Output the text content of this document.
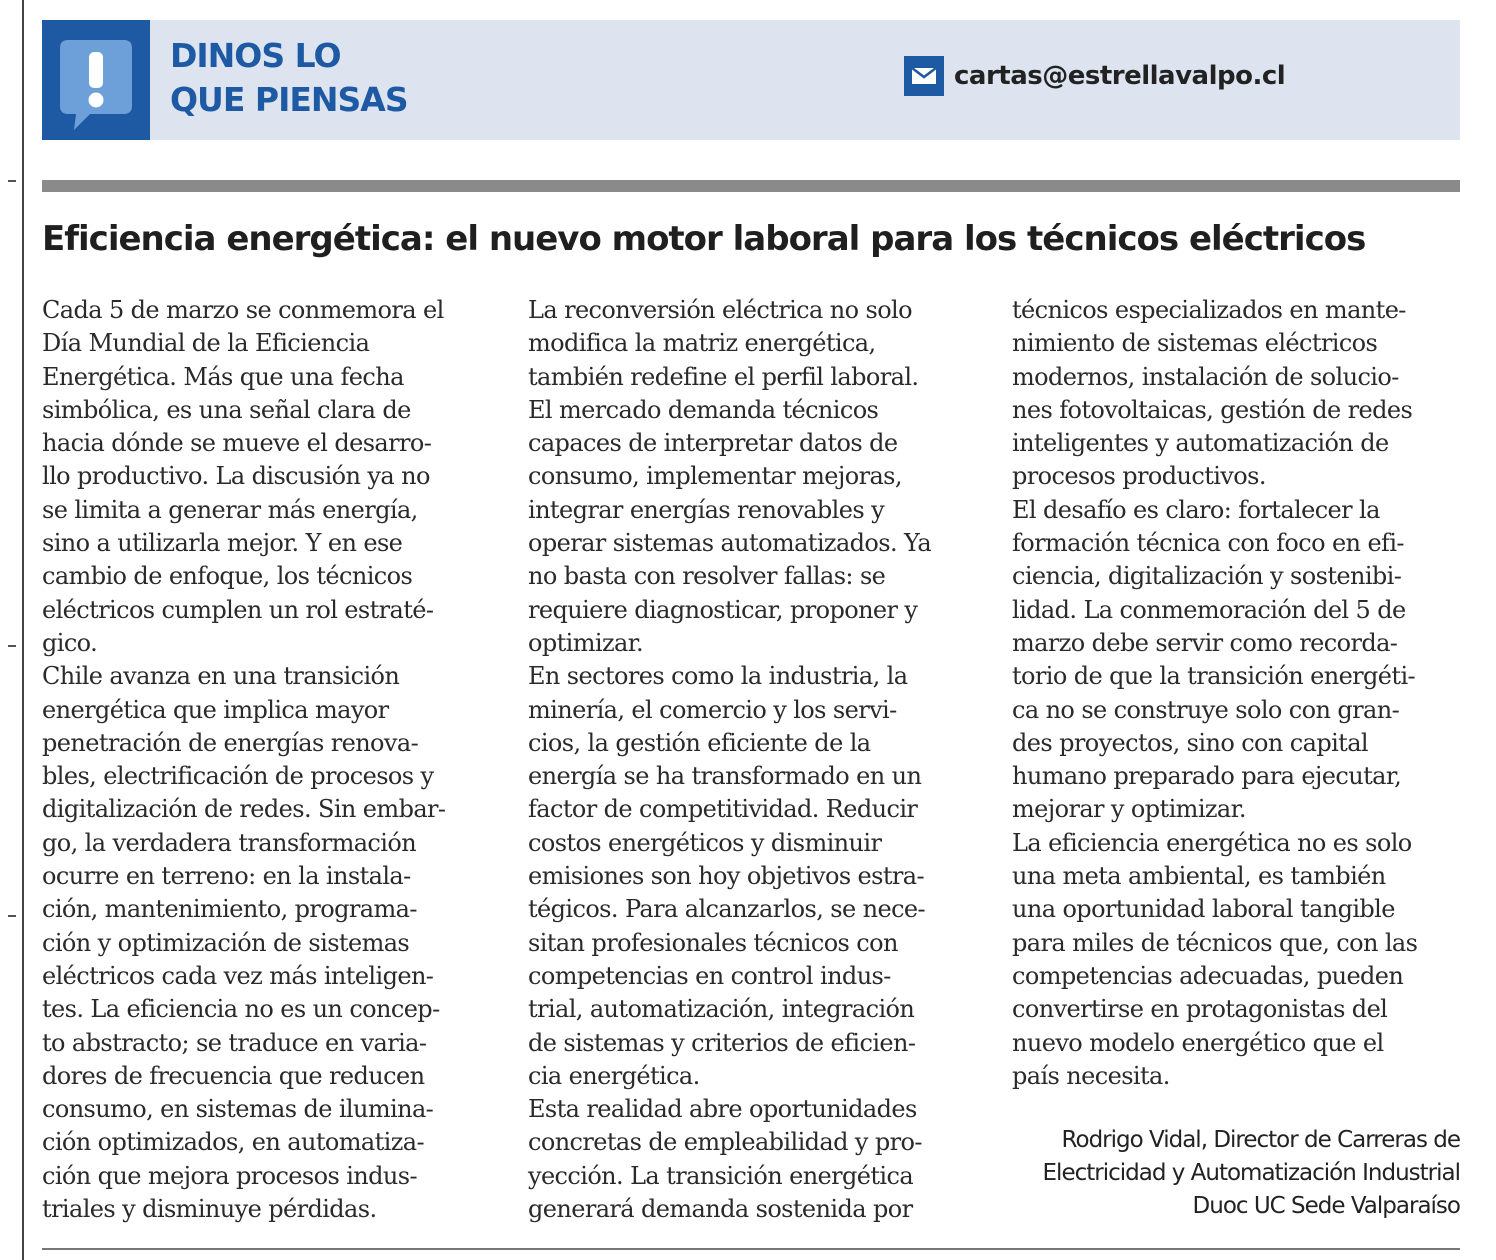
DINOS LO
QUE PIENSAS
cartas@estrellavalpo.cl
Eficiencia energética: el nuevo motor laboral para los técnicos eléctricos
Cada 5 de marzo se conmemora el
Día Mundial de la Eficiencia
Energética. Más que una fecha
simbólica, es una señal clara de
hacia dónde se mueve el desarro-
llo productivo. La discusión ya no
se limita a generar más energía,
sino a utilizarla mejor. Y en ese
cambio de enfoque, los técnicos
eléctricos cumplen un rol estraté-
gico.
Chile avanza en una transición
energética que implica mayor
penetración de energías renova-
bles, electrificación de procesos y
digitalización de redes. Sin embar-
go, la verdadera transformación
ocurre en terreno: en la instala-
ción, mantenimiento, programa-
ción y optimización de sistemas
eléctricos cada vez más inteligen-
tes. La eficiencia no es un concep-
to abstracto; se traduce en varia-
dores de frecuencia que reducen
consumo, en sistemas de ilumina-
ción optimizados, en automatiza-
ción que mejora procesos indus-
triales y disminuye pérdidas.
La reconversión eléctrica no solo
modifica la matriz energética,
también redefine el perfil laboral.
El mercado demanda técnicos
capaces de interpretar datos de
consumo, implementar mejoras,
integrar energías renovables y
operar sistemas automatizados. Ya
no basta con resolver fallas: se
requiere diagnosticar, proponer y
optimizar.
En sectores como la industria, la
minería, el comercio y los servi-
cios, la gestión eficiente de la
energía se ha transformado en un
factor de competitividad. Reducir
costos energéticos y disminuir
emisiones son hoy objetivos estra-
tégicos. Para alcanzarlos, se nece-
sitan profesionales técnicos con
competencias en control indus-
trial, automatización, integración
de sistemas y criterios de eficien-
cia energética.
Esta realidad abre oportunidades
concretas de empleabilidad y pro-
yección. La transición energética
generará demanda sostenida por
técnicos especializados en mante-
nimiento de sistemas eléctricos
modernos, instalación de solucio-
nes fotovoltaicas, gestión de redes
inteligentes y automatización de
procesos productivos.
El desafío es claro: fortalecer la
formación técnica con foco en efi-
ciencia, digitalización y sostenibi-
lidad. La conmemoración del 5 de
marzo debe servir como recorda-
torio de que la transición energéti-
ca no se construye solo con gran-
des proyectos, sino con capital
humano preparado para ejecutar,
mejorar y optimizar.
La eficiencia energética no es solo
una meta ambiental, es también
una oportunidad laboral tangible
para miles de técnicos que, con las
competencias adecuadas, pueden
convertirse en protagonistas del
nuevo modelo energético que el
país necesita.
Rodrigo Vidal, Director de Carreras de
Electricidad y Automatización Industrial
Duoc UC Sede Valparaíso
